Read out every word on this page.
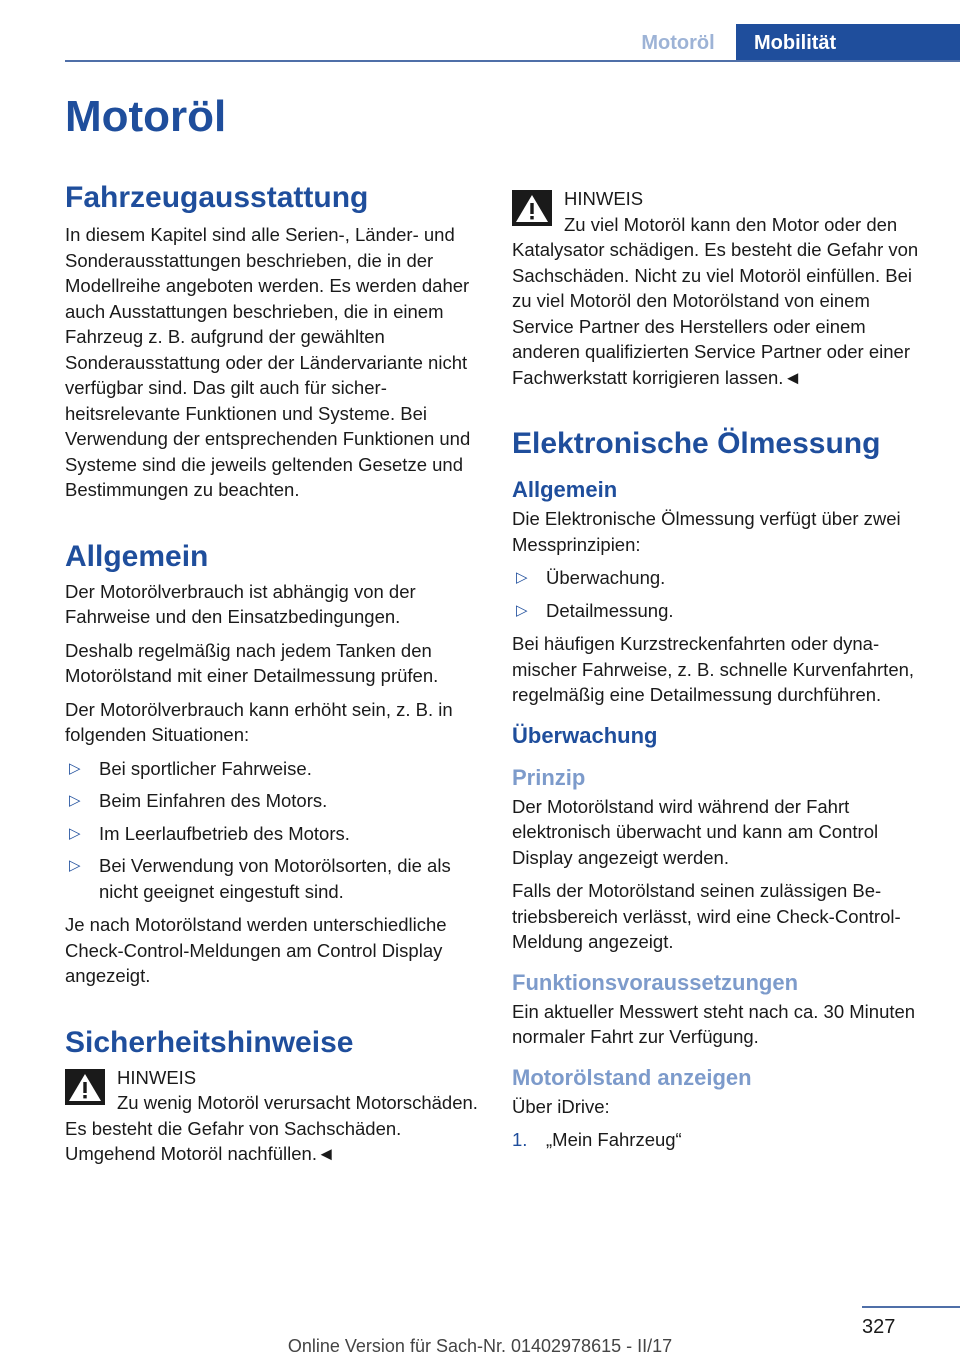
Motoröl	Mobilität
Motoröl
Fahrzeugausstattung

In diesem Kapitel sind alle Serien-, Länder- und Sonderausstattungen beschrieben, die in der Modellreihe angeboten werden. Es werden daher auch Ausstattungen beschrieben, die in einem Fahrzeug z. B. aufgrund der gewählten Sonderausstattung oder der Ländervariante nicht verfügbar sind. Das gilt auch für sicherheitsrelevante Funktionen und Systeme. Bei Verwendung der entsprechenden Funktionen und Systeme sind die jeweils geltenden Gesetze und Bestimmungen zu beachten.

Allgemein

Der Motorölverbrauch ist abhängig von der Fahrweise und den Einsatzbedingungen.

Deshalb regelmäßig nach jedem Tanken den Motorölstand mit einer Detailmessung prüfen.

Der Motorölverbrauch kann erhöht sein, z. B. in folgenden Situationen:

▷ Bei sportlicher Fahrweise.
▷ Beim Einfahren des Motors.
▷ Im Leerlaufbetrieb des Motors.
▷ Bei Verwendung von Motorölsorten, die als nicht geeignet eingestuft sind.

Je nach Motorölstand werden unterschiedliche Check-Control-Meldungen am Control Display angezeigt.

Sicherheitshinweise
HINWEIS
Zu wenig Motoröl verursacht Motorschäden. Es besteht die Gefahr von Sachschäden. Umgehend Motoröl nachfüllen.◄
HINWEIS
Zu viel Motoröl kann den Motor oder den Katalysator schädigen. Es besteht die Gefahr von Sachschäden. Nicht zu viel Motoröl einfüllen. Bei zu viel Motoröl den Motorölstand von einem Service Partner des Herstellers oder einem anderen qualifizierten Service Partner oder einer Fachwerkstatt korrigieren lassen.◄
Elektronische Ölmessung
Allgemein

Die Elektronische Ölmessung verfügt über zwei Messprinzipien:

▷ Überwachung.
▷ Detailmessung.

Bei häufigen Kurzstreckenfahrten oder dynamischer Fahrweise, z. B. schnelle Kurvenfahrten, regelmäßig eine Detailmessung durchführen.

Überwachung
Prinzip

Der Motorölstand wird während der Fahrt elektronisch überwacht und kann am Control Display angezeigt werden.

Falls der Motorölstand seinen zulässigen Betriebsbereich verlässt, wird eine Check-Control-Meldung angezeigt.

Funktionsvoraussetzungen

Ein aktueller Messwert steht nach ca. 30 Minuten normaler Fahrt zur Verfügung.

Motorölstand anzeigen

Über iDrive:

1. „Mein Fahrzeug“
327
Online Version für Sach-Nr. 01402978615 - II/17
